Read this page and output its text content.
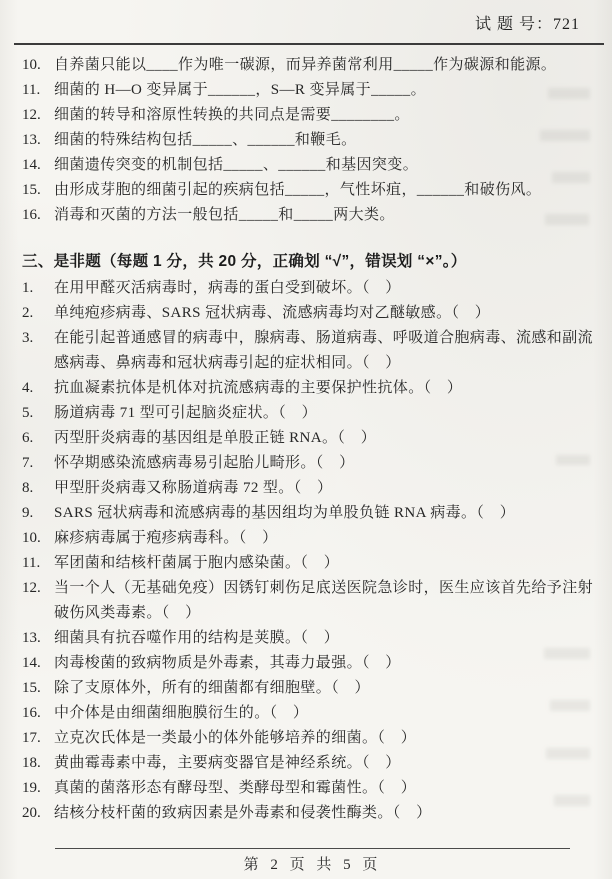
试 题 号：721
10. 自养菌只能以____作为唯一碳源，而异养菌常利用_____作为碳源和能源。
11. 细菌的 H—O 变异属于______，S—R 变异属于_____。
12. 细菌的转导和溶原性转换的共同点是需要________。
13. 细菌的特殊结构包括_____、______和鞭毛。
14. 细菌遗传突变的机制包括_____、______和基因突变。
15. 由形成芽胞的细菌引起的疾病包括_____，气性坏疽，______和破伤风。
16. 消毒和灭菌的方法一般包括_____和_____两大类。
三、是非题（每题 1 分，共 20 分，正确划 “√”，错误划 “×”。）
1.	在用甲醛灭活病毒时，病毒的蛋白受到破坏。（　）
2.	单纯疱疹病毒、SARS 冠状病毒、流感病毒均对乙醚敏感。（　）
3.	在能引起普通感冒的病毒中，腺病毒、肠道病毒、呼吸道合胞病毒、流感和副流感病毒、鼻病毒和冠状病毒引起的症状相同。（　）
4.	抗血凝素抗体是机体对抗流感病毒的主要保护性抗体。（　）
5.	肠道病毒 71 型可引起脑炎症状。（　）
6.	丙型肝炎病毒的基因组是单股正链 RNA。（　）
7.	怀孕期感染流感病毒易引起胎儿畸形。（　）
8.	甲型肝炎病毒又称肠道病毒 72 型。（　）
9.	SARS 冠状病毒和流感病毒的基因组均为单股负链 RNA 病毒。（　）
10. 麻疹病毒属于疱疹病毒科。（　）
11. 军团菌和结核杆菌属于胞内感染菌。（　）
12. 当一个人（无基础免疫）因锈钉刺伤足底送医院急诊时，医生应该首先给予注射破伤风类毒素。（　）
13. 细菌具有抗吞噬作用的结构是荚膜。（　）
14. 肉毒梭菌的致病物质是外毒素，其毒力最强。（　）
15. 除了支原体外，所有的细菌都有细胞壁。（　）
16. 中介体是由细菌细胞膜衍生的。（　）
17. 立克次氏体是一类最小的体外能够培养的细菌。（　）
18. 黄曲霉毒素中毒，主要病变器官是神经系统。（　）
19. 真菌的菌落形态有酵母型、类酵母型和霉菌性。（　）
20. 结核分枝杆菌的致病因素是外毒素和侵袭性酶类。（　）
第 2 页 共 5 页
